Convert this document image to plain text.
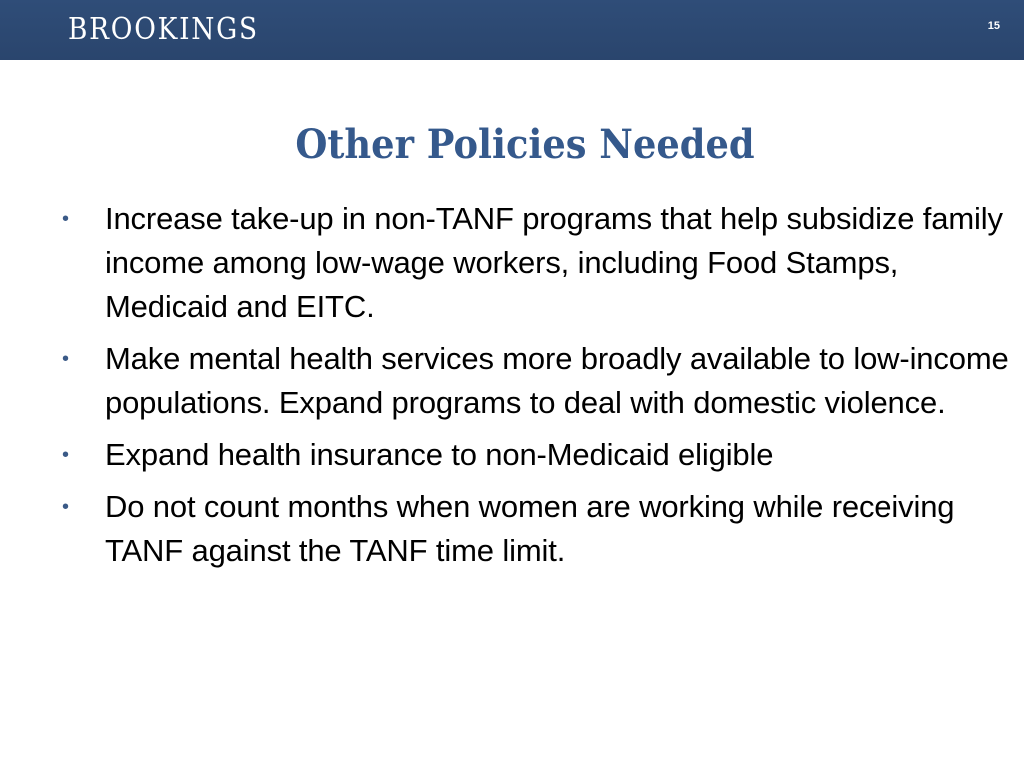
BROOKINGS	15
Other Policies Needed
• Increase take-up in non-TANF programs that help subsidize family income among low-wage workers, including Food Stamps, Medicaid and EITC.
• Make mental health services more broadly available to low-income populations. Expand programs to deal with domestic violence.
• Expand health insurance to non-Medicaid eligible
• Do not count months when women are working while receiving TANF against the TANF time limit.
